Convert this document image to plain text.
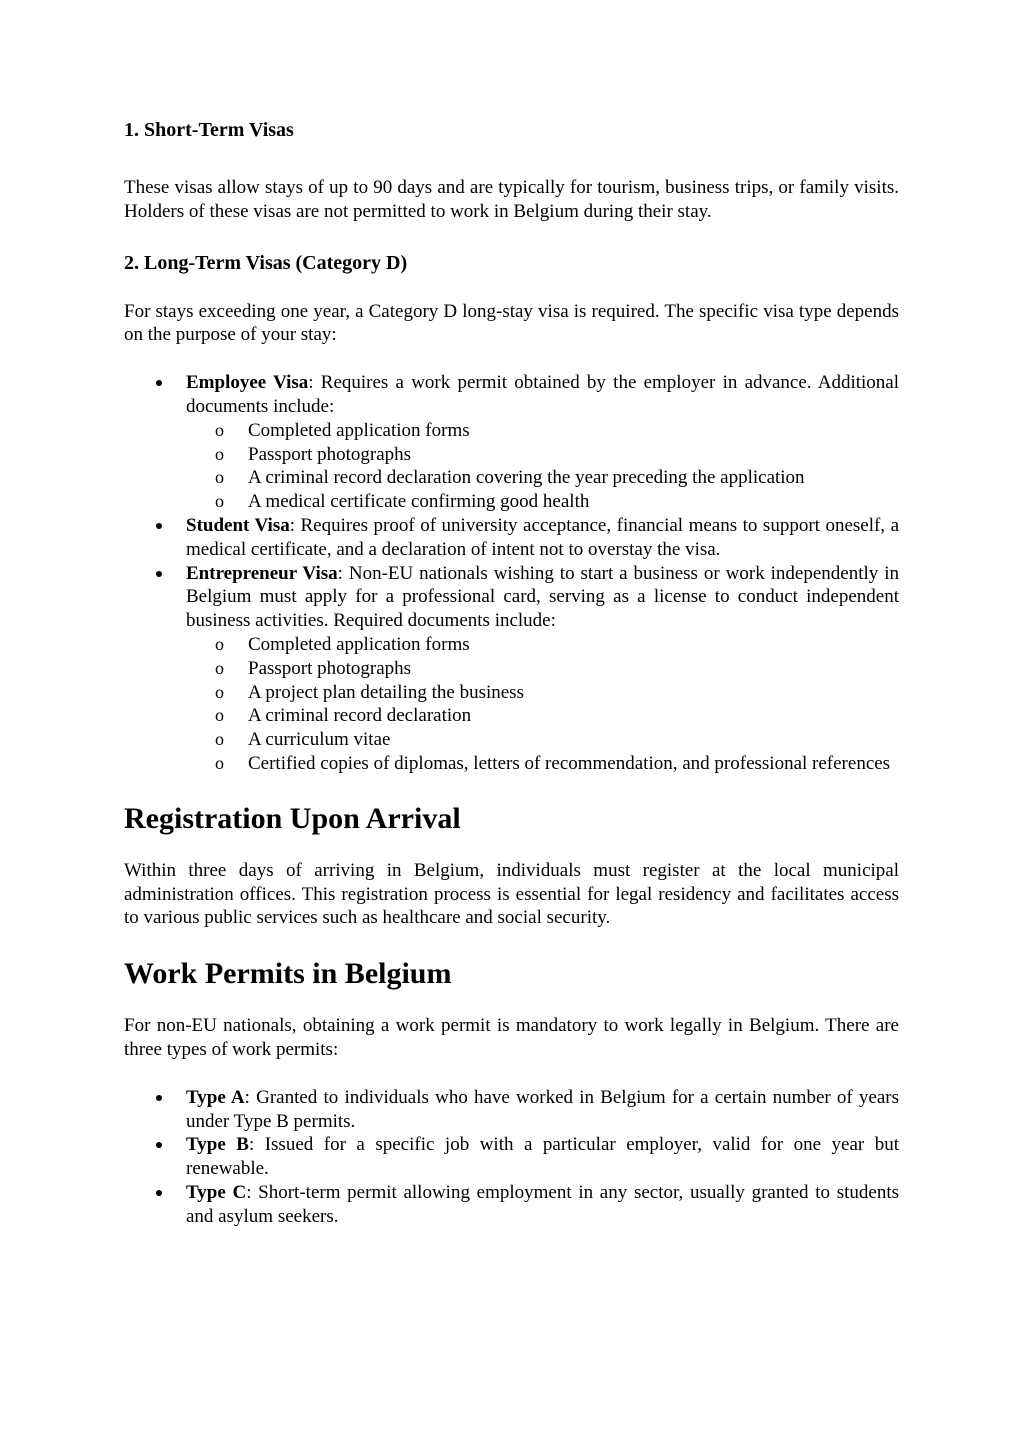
1. Short-Term Visas

These visas allow stays of up to 90 days and are typically for tourism, business trips, or family visits. Holders of these visas are not permitted to work in Belgium during their stay.

2. Long-Term Visas (Category D)

For stays exceeding one year, a Category D long-stay visa is required. The specific visa type depends on the purpose of your stay:

Employee Visa: Requires a work permit obtained by the employer in advance. Additional documents include:
o Completed application forms
o Passport photographs
o A criminal record declaration covering the year preceding the application
o A medical certificate confirming good health
Student Visa: Requires proof of university acceptance, financial means to support oneself, a medical certificate, and a declaration of intent not to overstay the visa.
Entrepreneur Visa: Non-EU nationals wishing to start a business or work independently in Belgium must apply for a professional card, serving as a license to conduct independent business activities. Required documents include:
o Completed application forms
o Passport photographs
o A project plan detailing the business
o A criminal record declaration
o A curriculum vitae
o Certified copies of diplomas, letters of recommendation, and professional references
Registration Upon Arrival

Within three days of arriving in Belgium, individuals must register at the local municipal administration offices. This registration process is essential for legal residency and facilitates access to various public services such as healthcare and social security.

Work Permits in Belgium

For non-EU nationals, obtaining a work permit is mandatory to work legally in Belgium. There are three types of work permits:

Type A: Granted to individuals who have worked in Belgium for a certain number of years under Type B permits.
Type B: Issued for a specific job with a particular employer, valid for one year but renewable.
Type C: Short-term permit allowing employment in any sector, usually granted to students and asylum seekers.
